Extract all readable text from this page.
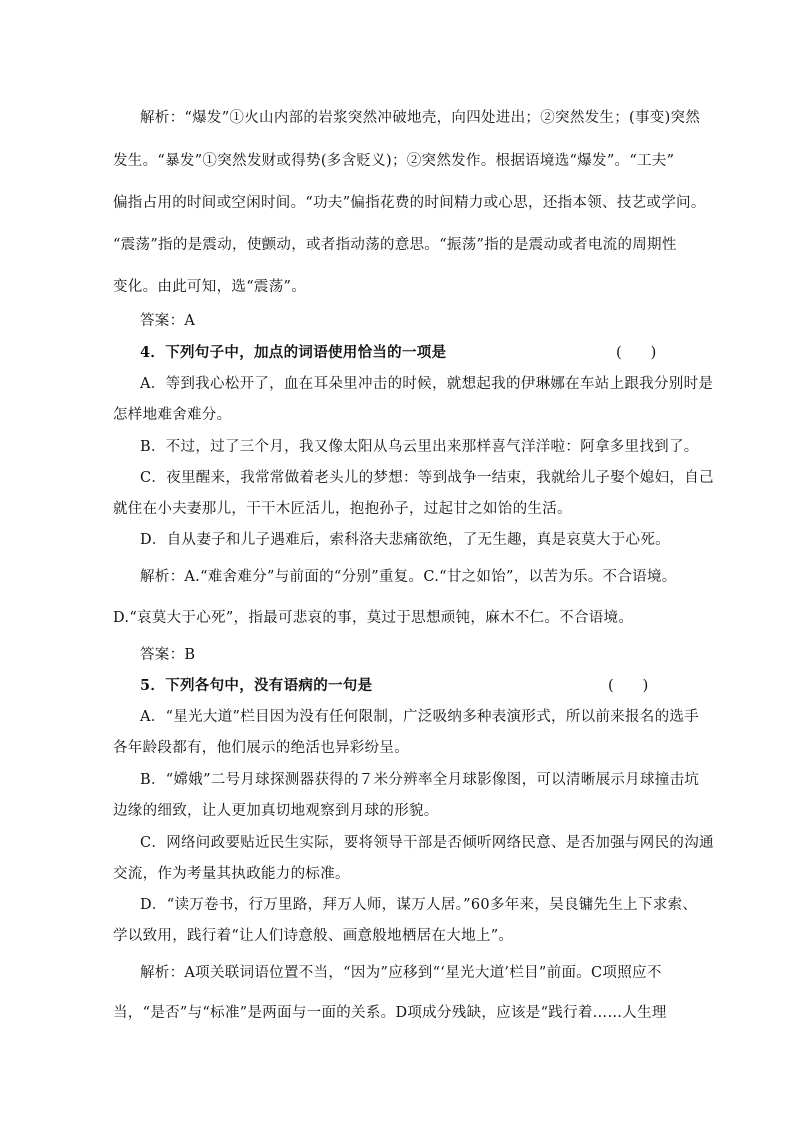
解析：“爆发”①火山内部的岩浆突然冲破地壳，向四处进出；②突然发生；(事变)突然
发生。“暴发”①突然发财或得势(多含贬义)；②突然发作。根据语境选“爆发”。“工夫”
偏指占用的时间或空闲时间。“功夫”偏指花费的时间精力或心思，还指本领、技艺或学问。
“震荡”指的是震动，使颤动，或者指动荡的意思。“振荡”指的是震动或者电流的周期性
变化。由此可知，选“震荡”。
答案：A
4．下列句子中，加点的词语使用恰当的一项是	(　　)
A．等到我心松开了，血在耳朵里冲击的时候，就想起我的伊琳娜在车站上跟我分别时是
怎样地难舍难分。
B．不过，过了三个月，我又像太阳从乌云里出来那样喜气洋洋啦：阿拿多里找到了。
C．夜里醒来，我常常做着老头儿的梦想：等到战争一结束，我就给儿子娶个媳妇，自己
就住在小夫妻那儿，干干木匠活儿，抱抱孙子，过起甘之如饴的生活。
D．自从妻子和儿子遇难后，索科洛夫悲痛欲绝，了无生趣，真是哀莫大于心死。
解析：A.“难舍难分”与前面的“分别”重复。C.“甘之如饴”，以苦为乐。不合语境。
D.“哀莫大于心死”，指最可悲哀的事，莫过于思想顽钝，麻木不仁。不合语境。
答案：B
5．下列各句中，没有语病的一句是	(　　)
A．“星光大道”栏目因为没有任何限制，广泛吸纳多种表演形式，所以前来报名的选手
各年龄段都有，他们展示的绝活也异彩纷呈。
B．“嫦娥”二号月球探测器获得的７米分辨率全月球影像图，可以清晰展示月球撞击坑
边缘的细致，让人更加真切地观察到月球的形貌。
C．网络问政要贴近民生实际，要将领导干部是否倾听网络民意、是否加强与网民的沟通
交流，作为考量其执政能力的标准。
D．“读万卷书，行万里路，拜万人师，谋万人居。”60多年来，吴良镛先生上下求索、
学以致用，践行着“让人们诗意般、画意般地栖居在大地上”。
解析：A项关联词语位置不当，“因为”应移到“‘星光大道’栏目”前面。C项照应不
当，“是否”与“标准”是两面与一面的关系。D项成分残缺，应该是“践行着……人生理
